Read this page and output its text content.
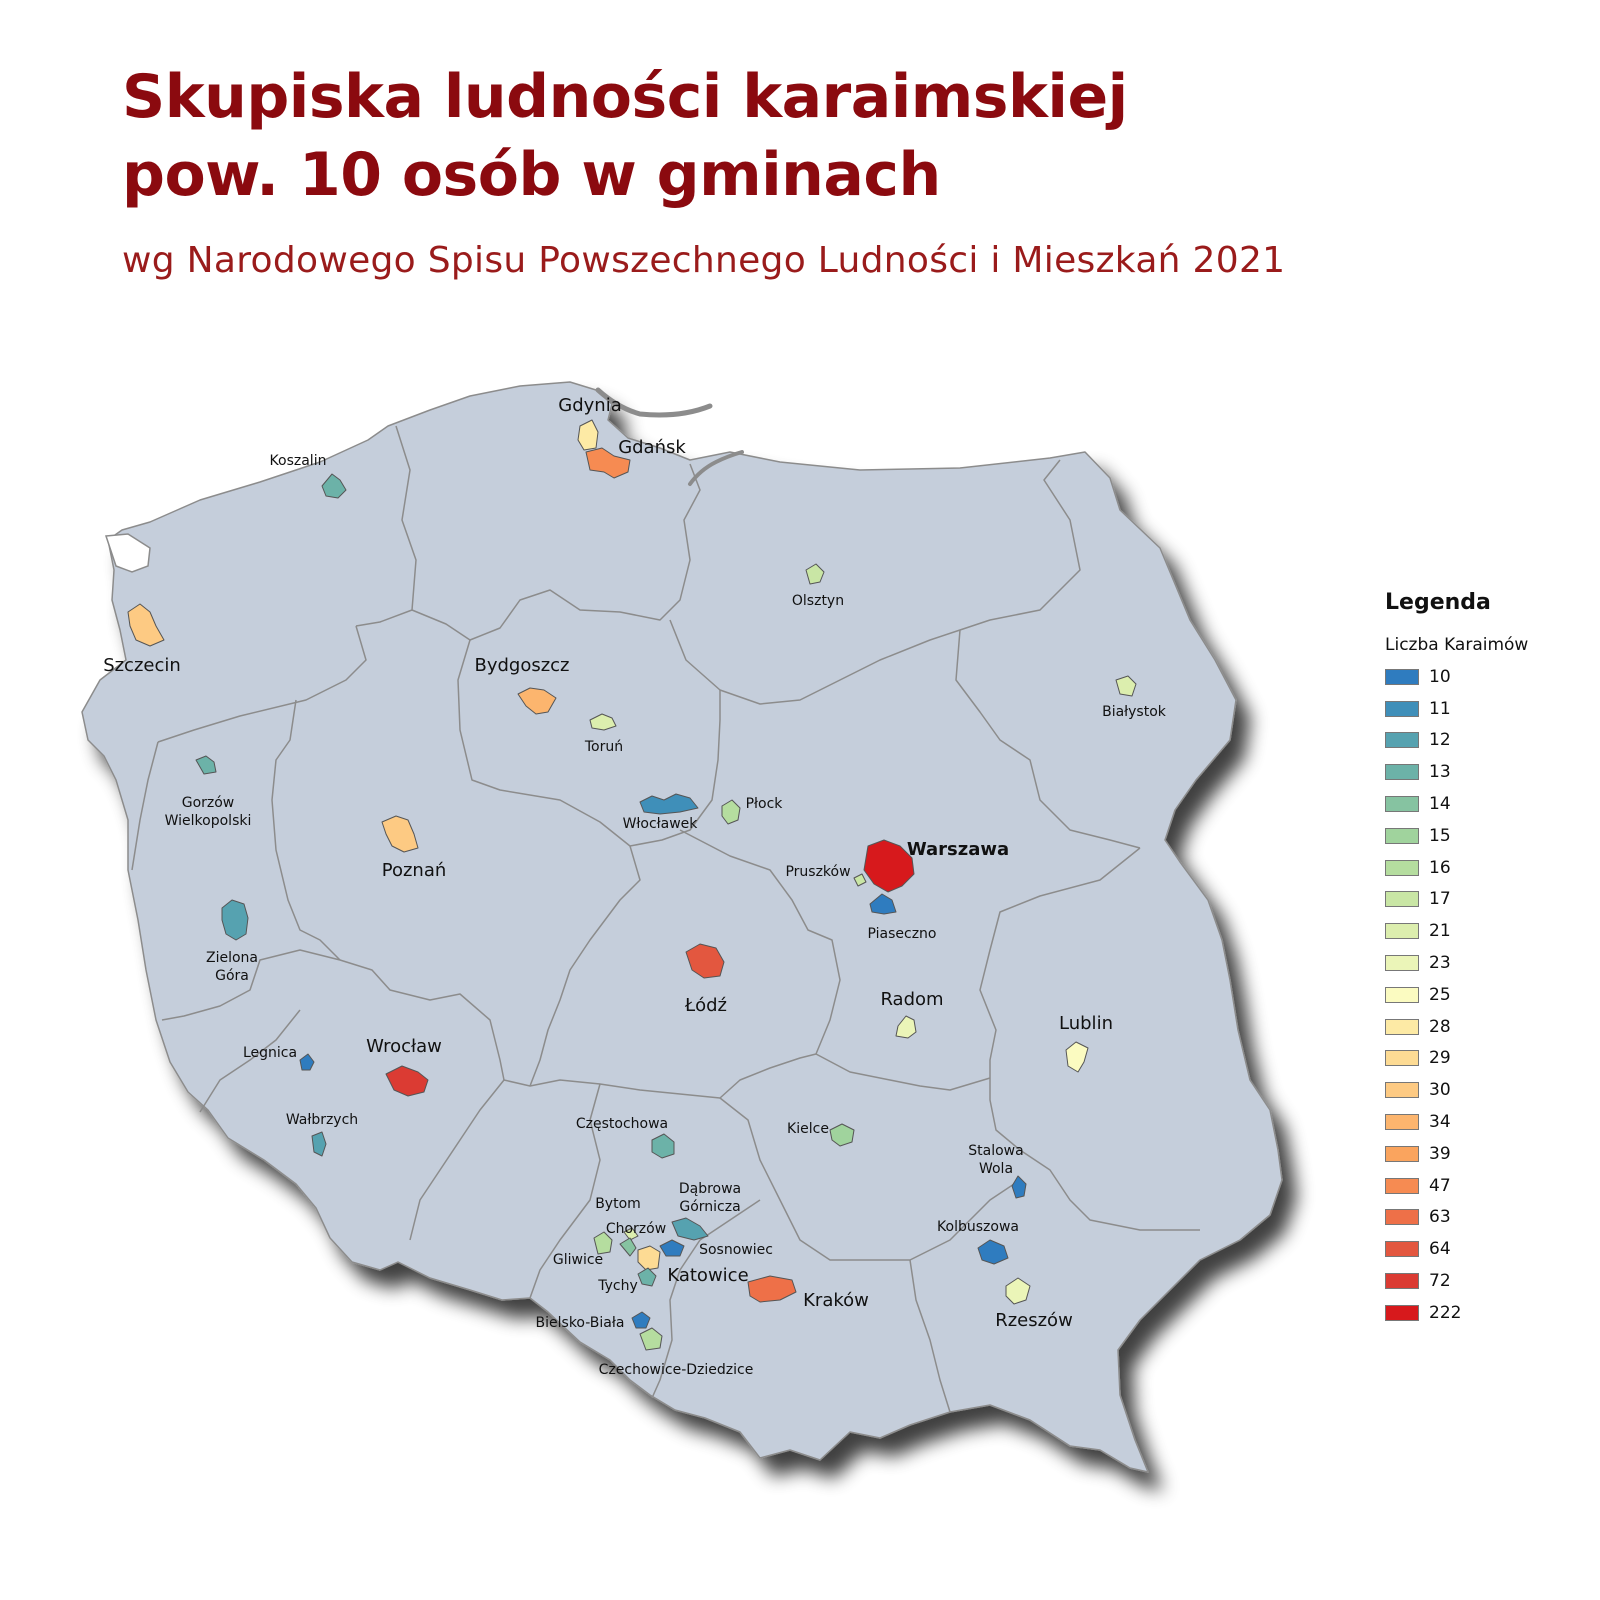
Skupiska ludności karaimskiej
pow. 10 osób w gminach

wg Narodowego Spisu Powszechnego Ludności i Mieszkań 2021

Gdynia
Gdańsk
Koszalin
Olsztyn
Szczecin	Bydgoszcz
Toruń
Białystok
Gorzów
Wielkopolski
Płock
Włocławek
Poznań
Warszawa
Pruszków
Piaseczno
Zielona
Góra
Łódź	Radom
Lublin
Legnica	Wrocław
Wałbrzych	Częstochowa	Kielce
Stalowa
Wola
Dąbrowa
Górnicza
Bytom
Chorzów	Kolbuszowa
Sosnowiec
Gliwice
Katowice
Tychy
Kraków
Rzeszów
Bielsko-Biała
Czechowice-Dziedzice
Legenda
Liczba Karaimów
10
11
12
13
14
15
16
17
21
23
25
28
29
30
34
39
47
63
64
72
222
